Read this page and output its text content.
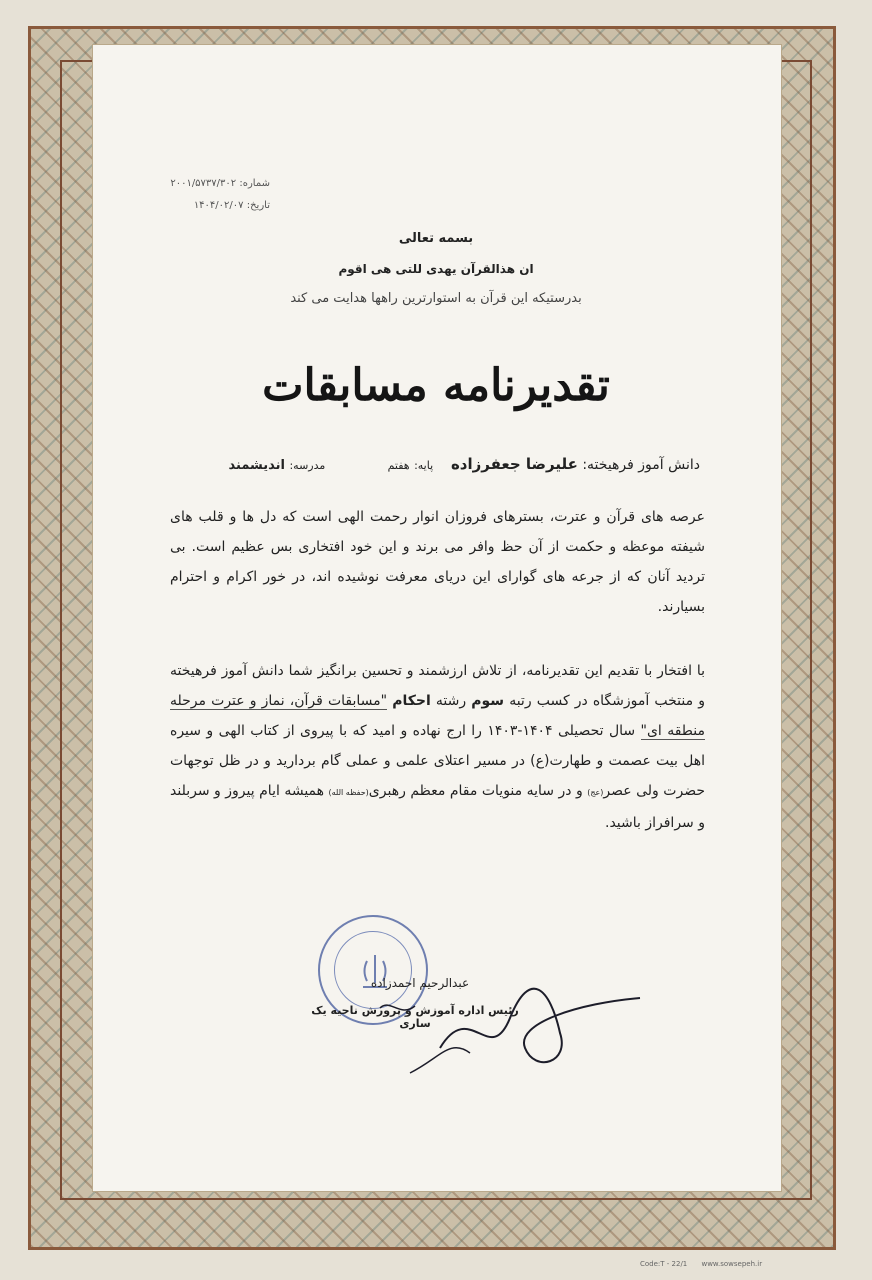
شماره: ۲۰۰۱/۵۷۳۷/۳۰۲
تاریخ: ۱۴۰۴/۰۲/۰۷
بسمه تعالی
ان هذالقرآن یهدی للتی هی اقوم
بدرستیکه این قرآن به استوارترین راهها هدایت می کند
تقدیرنامه مسابقات
دانش آموز فرهیخته: علیرضا جعفرزاده    پایه: هفتم              مدرسه: اندیشمند
عرصه های قرآن و عترت، بسترهای فروزان انوار رحمت الهی است که دل ها و قلب های شیفته موعظه و حکمت از آن حظ وافر می برند و این خود افتخاری بس عظیم است. بی تردید آنان که از جرعه های گوارای این دریای معرفت نوشیده اند، در خور اکرام و احترام بسیارند.
با افتخار با تقدیم این تقدیرنامه، از تلاش ارزشمند و تحسین برانگیز شما دانش آموز فرهیخته و منتخب آموزشگاه در کسب رتبه سوم رشته احکام "مسابقات قرآن، نماز و عترت مرحله منطقه ای" سال تحصیلی ۱۴۰۴-۱۴۰۳ را ارج نهاده و امید که با پیروی از کتاب الهی و سیره اهل بیت عصمت و طهارت(ع) در مسیر اعتلای علمی و عملی گام بردارید و در ظل توجهات حضرت ولی عصر(عج) و در سایه منویات مقام معظم رهبری(حفظه الله) همیشه ایام پیروز و سربلند و سرافراز باشید.
عبدالرحیم احمدزاده
رئیس اداره آموزش و پرورش ناحیه یک ساری
Code:T - 22/1 www.sowsepeh.ir
